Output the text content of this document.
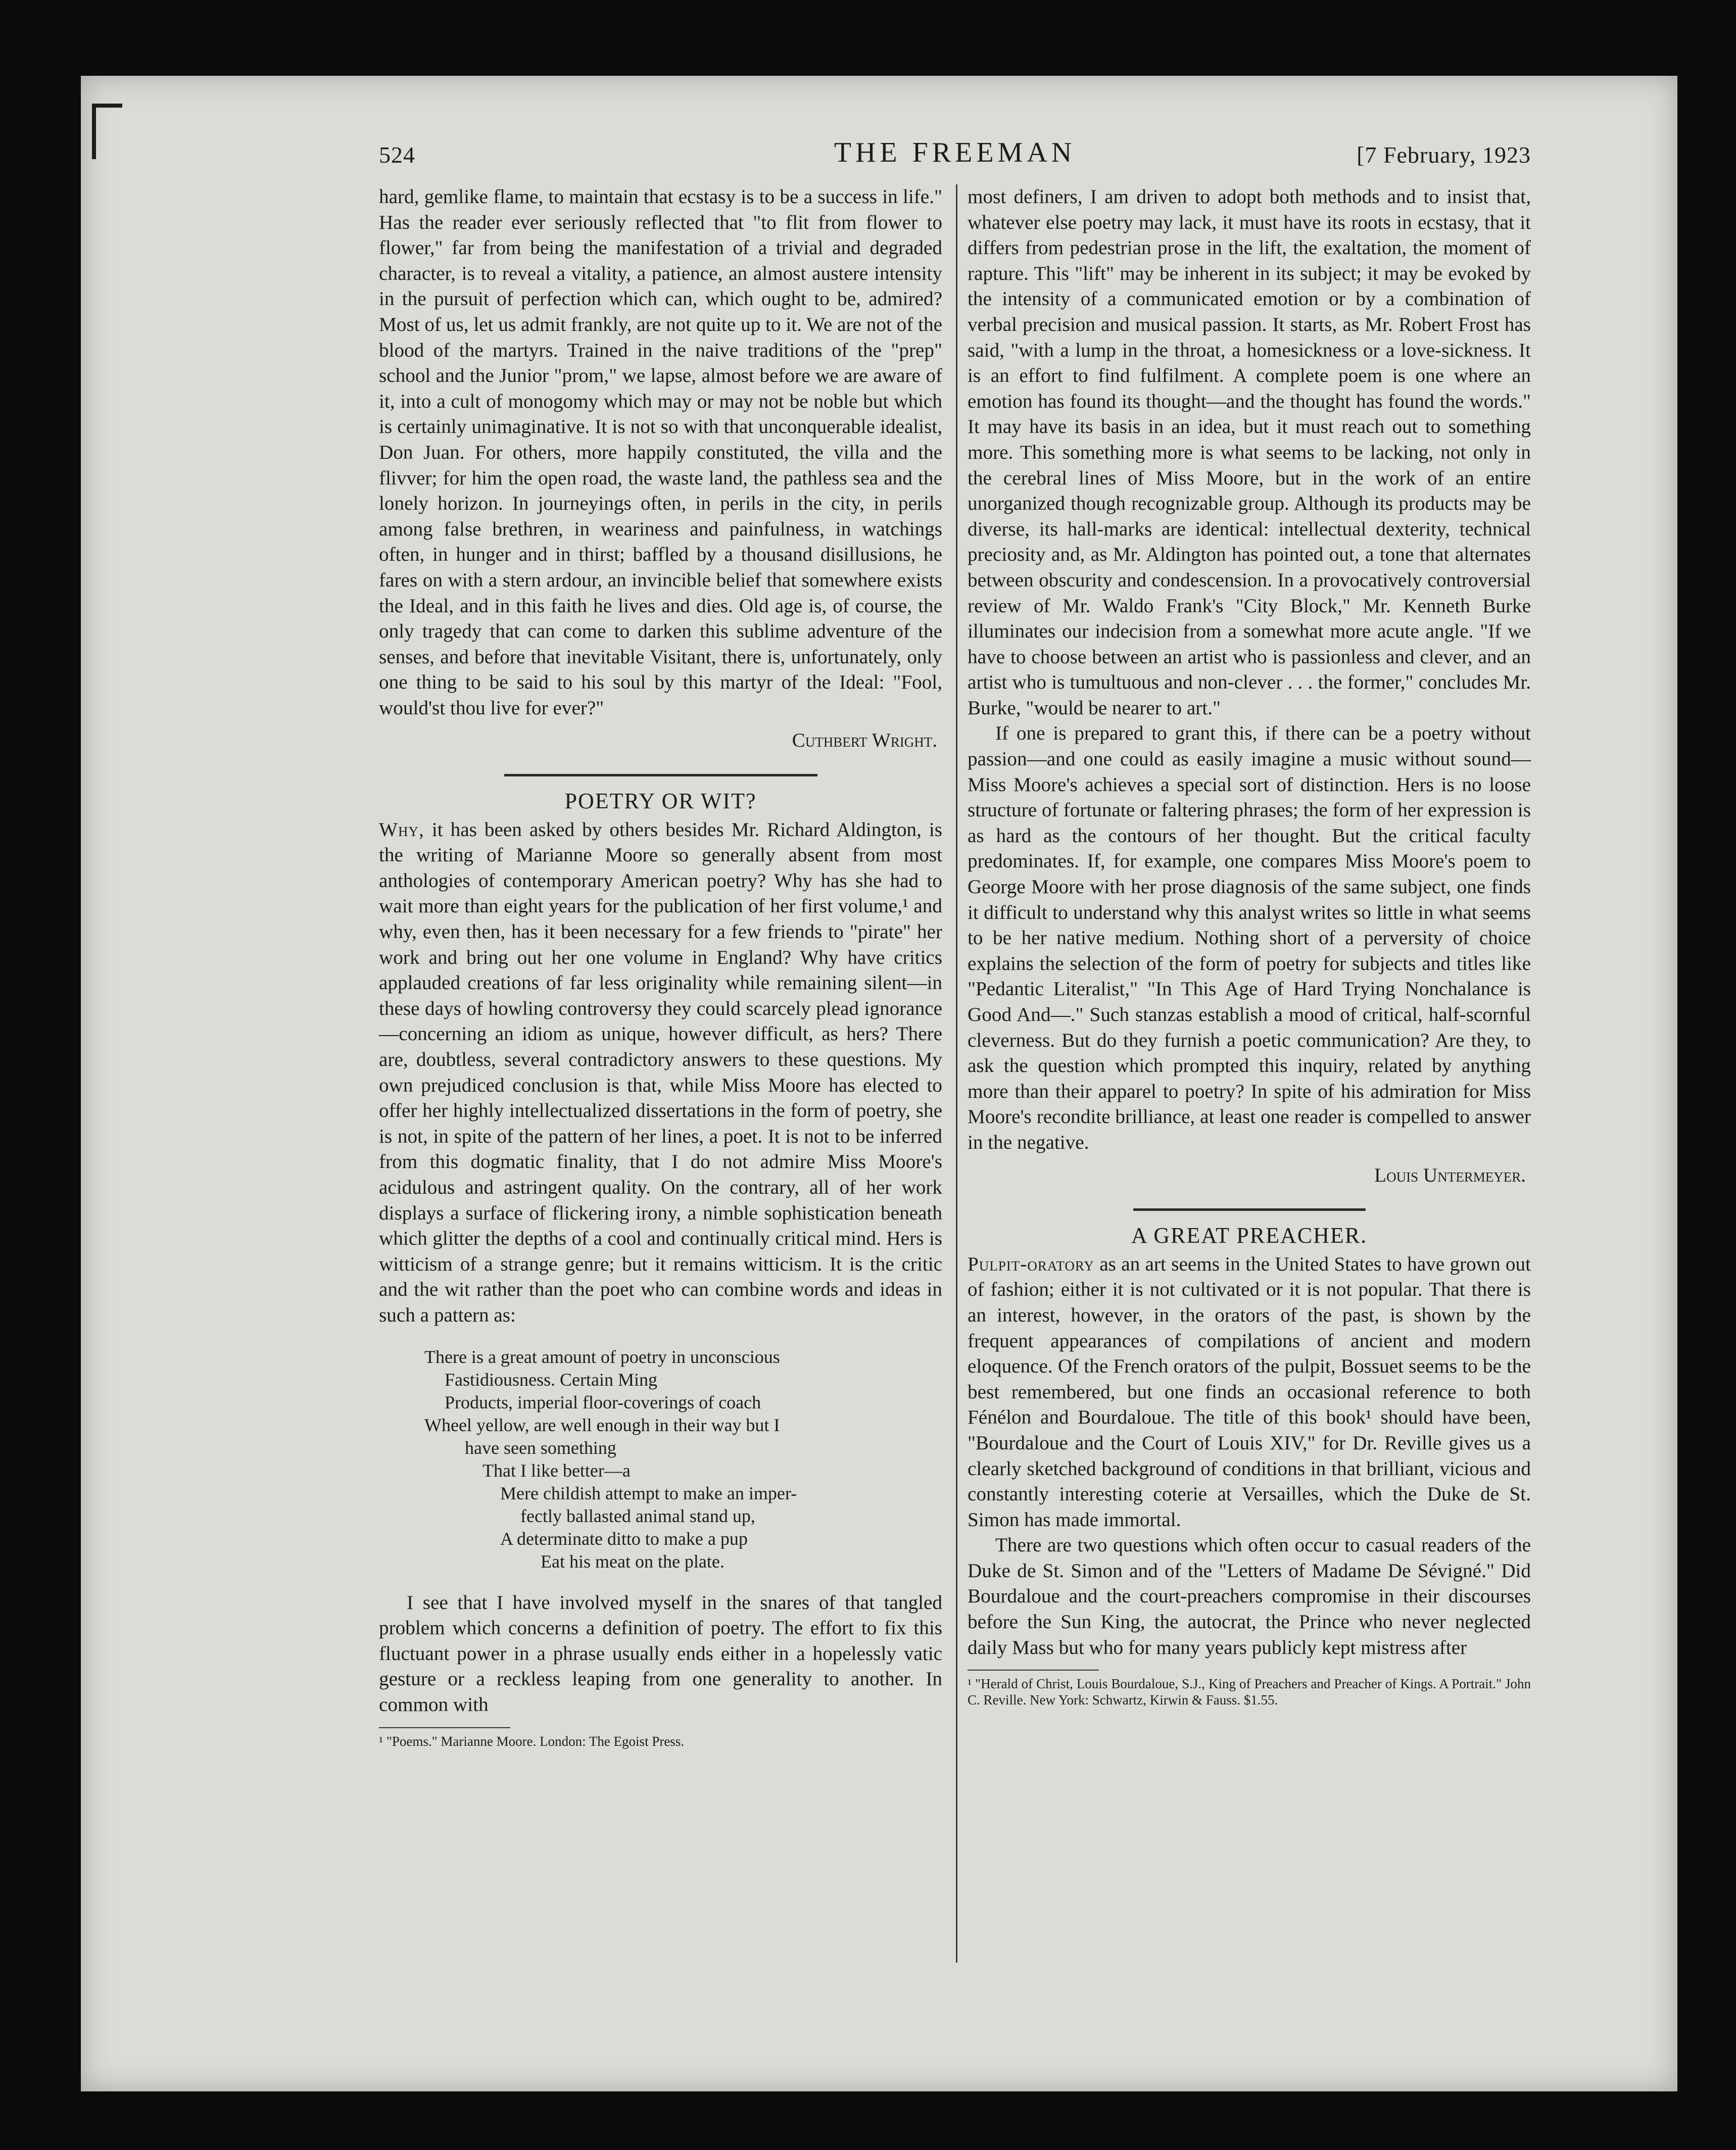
524	THE FREEMAN	[7 February, 1923

hard, gemlike flame, to maintain that ecstasy is to be a success in life." Has the reader ever seriously reflected that "to flit from flower to flower," far from being the manifestation of a trivial and degraded character, is to reveal a vitality, a patience, an almost austere intensity in the pursuit of perfection which can, which ought to be, admired? Most of us, let us admit frankly, are not quite up to it. We are not of the blood of the martyrs. Trained in the naive traditions of the "prep" school and the Junior "prom," we lapse, almost before we are aware of it, into a cult of monogomy which may or may not be noble but which is certainly unimaginative. It is not so with that unconquerable idealist, Don Juan. For others, more happily constituted, the villa and the flivver; for him the open road, the waste land, the pathless sea and the lonely horizon. In journeyings often, in perils in the city, in perils among false brethren, in weariness and painfulness, in watchings often, in hunger and in thirst; baffled by a thousand disillusions, he fares on with a stern ardour, an invincible belief that somewhere exists the Ideal, and in this faith he lives and dies. Old age is, of course, the only tragedy that can come to darken this sublime adventure of the senses, and before that inevitable Visitant, there is, unfortunately, only one thing to be said to his soul by this martyr of the Ideal: "Fool, would'st thou live for ever?"

Cuthbert Wright.

POETRY OR WIT?

Why, it has been asked by others besides Mr. Richard Aldington, is the writing of Marianne Moore so generally absent from most anthologies of contemporary American poetry? Why has she had to wait more than eight years for the publication of her first volume,¹ and why, even then, has it been necessary for a few friends to "pirate" her work and bring out her one volume in England? Why have critics applauded creations of far less originality while remaining silent—in these days of howling controversy they could scarcely plead ignorance—concerning an idiom as unique, however difficult, as hers? There are, doubtless, several contradictory answers to these questions. My own prejudiced conclusion is that, while Miss Moore has elected to offer her highly intellectualized dissertations in the form of poetry, she is not, in spite of the pattern of her lines, a poet. It is not to be inferred from this dogmatic finality, that I do not admire Miss Moore's acidulous and astringent quality. On the contrary, all of her work displays a surface of flickering irony, a nimble sophistication beneath which glitter the depths of a cool and continually critical mind. Hers is witticism of a strange genre; but it remains witticism. It is the critic and the wit rather than the poet who can combine words and ideas in such a pattern as:

There is a great amount of poetry in unconscious
Fastidiousness. Certain Ming
Products, imperial floor-coverings of coach
Wheel yellow, are well enough in their way but I
have seen something
That I like better—a
Mere childish attempt to make an imper-
fectly ballasted animal stand up,
A determinate ditto to make a pup
Eat his meat on the plate.

I see that I have involved myself in the snares of that tangled problem which concerns a definition of poetry. The effort to fix this fluctuant power in a phrase usually ends either in a hopelessly vatic gesture or a reckless leaping from one generality to another. In common with

¹ "Poems." Marianne Moore. London: The Egoist Press.

most definers, I am driven to adopt both methods and to insist that, whatever else poetry may lack, it must have its roots in ecstasy, that it differs from pedestrian prose in the lift, the exaltation, the moment of rapture. This "lift" may be inherent in its subject; it may be evoked by the intensity of a communicated emotion or by a combination of verbal precision and musical passion. It starts, as Mr. Robert Frost has said, "with a lump in the throat, a homesickness or a love-sickness. It is an effort to find fulfilment. A complete poem is one where an emotion has found its thought—and the thought has found the words." It may have its basis in an idea, but it must reach out to something more. This something more is what seems to be lacking, not only in the cerebral lines of Miss Moore, but in the work of an entire unorganized though recognizable group. Although its products may be diverse, its hall-marks are identical: intellectual dexterity, technical preciosity and, as Mr. Aldington has pointed out, a tone that alternates between obscurity and condescension. In a provocatively controversial review of Mr. Waldo Frank's "City Block," Mr. Kenneth Burke illuminates our indecision from a somewhat more acute angle. "If we have to choose between an artist who is passionless and clever, and an artist who is tumultuous and non-clever . . . the former," concludes Mr. Burke, "would be nearer to art."

If one is prepared to grant this, if there can be a poetry without passion—and one could as easily imagine a music without sound—Miss Moore's achieves a special sort of distinction. Hers is no loose structure of fortunate or faltering phrases; the form of her expression is as hard as the contours of her thought. But the critical faculty predominates. If, for example, one compares Miss Moore's poem to George Moore with her prose diagnosis of the same subject, one finds it difficult to understand why this analyst writes so little in what seems to be her native medium. Nothing short of a perversity of choice explains the selection of the form of poetry for subjects and titles like "Pedantic Literalist," "In This Age of Hard Trying Nonchalance is Good And—." Such stanzas establish a mood of critical, half-scornful cleverness. But do they furnish a poetic communication? Are they, to ask the question which prompted this inquiry, related by anything more than their apparel to poetry? In spite of his admiration for Miss Moore's recondite brilliance, at least one reader is compelled to answer in the negative.

Louis Untermeyer.

A GREAT PREACHER.

Pulpit-oratory as an art seems in the United States to have grown out of fashion; either it is not cultivated or it is not popular. That there is an interest, however, in the orators of the past, is shown by the frequent appearances of compilations of ancient and modern eloquence. Of the French orators of the pulpit, Bossuet seems to be the best remembered, but one finds an occasional reference to both Fénélon and Bourdaloue. The title of this book¹ should have been, "Bourdaloue and the Court of Louis XIV," for Dr. Reville gives us a clearly sketched background of conditions in that brilliant, vicious and constantly interesting coterie at Versailles, which the Duke de St. Simon has made immortal.

There are two questions which often occur to casual readers of the Duke de St. Simon and of the "Letters of Madame De Sévigné." Did Bourdaloue and the court-preachers compromise in their discourses before the Sun King, the autocrat, the Prince who never neglected daily Mass but who for many years publicly kept mistress after

¹ "Herald of Christ, Louis Bourdaloue, S.J., King of Preachers and Preacher of Kings. A Portrait." John C. Reville. New York: Schwartz, Kirwin & Fauss. $1.55.
